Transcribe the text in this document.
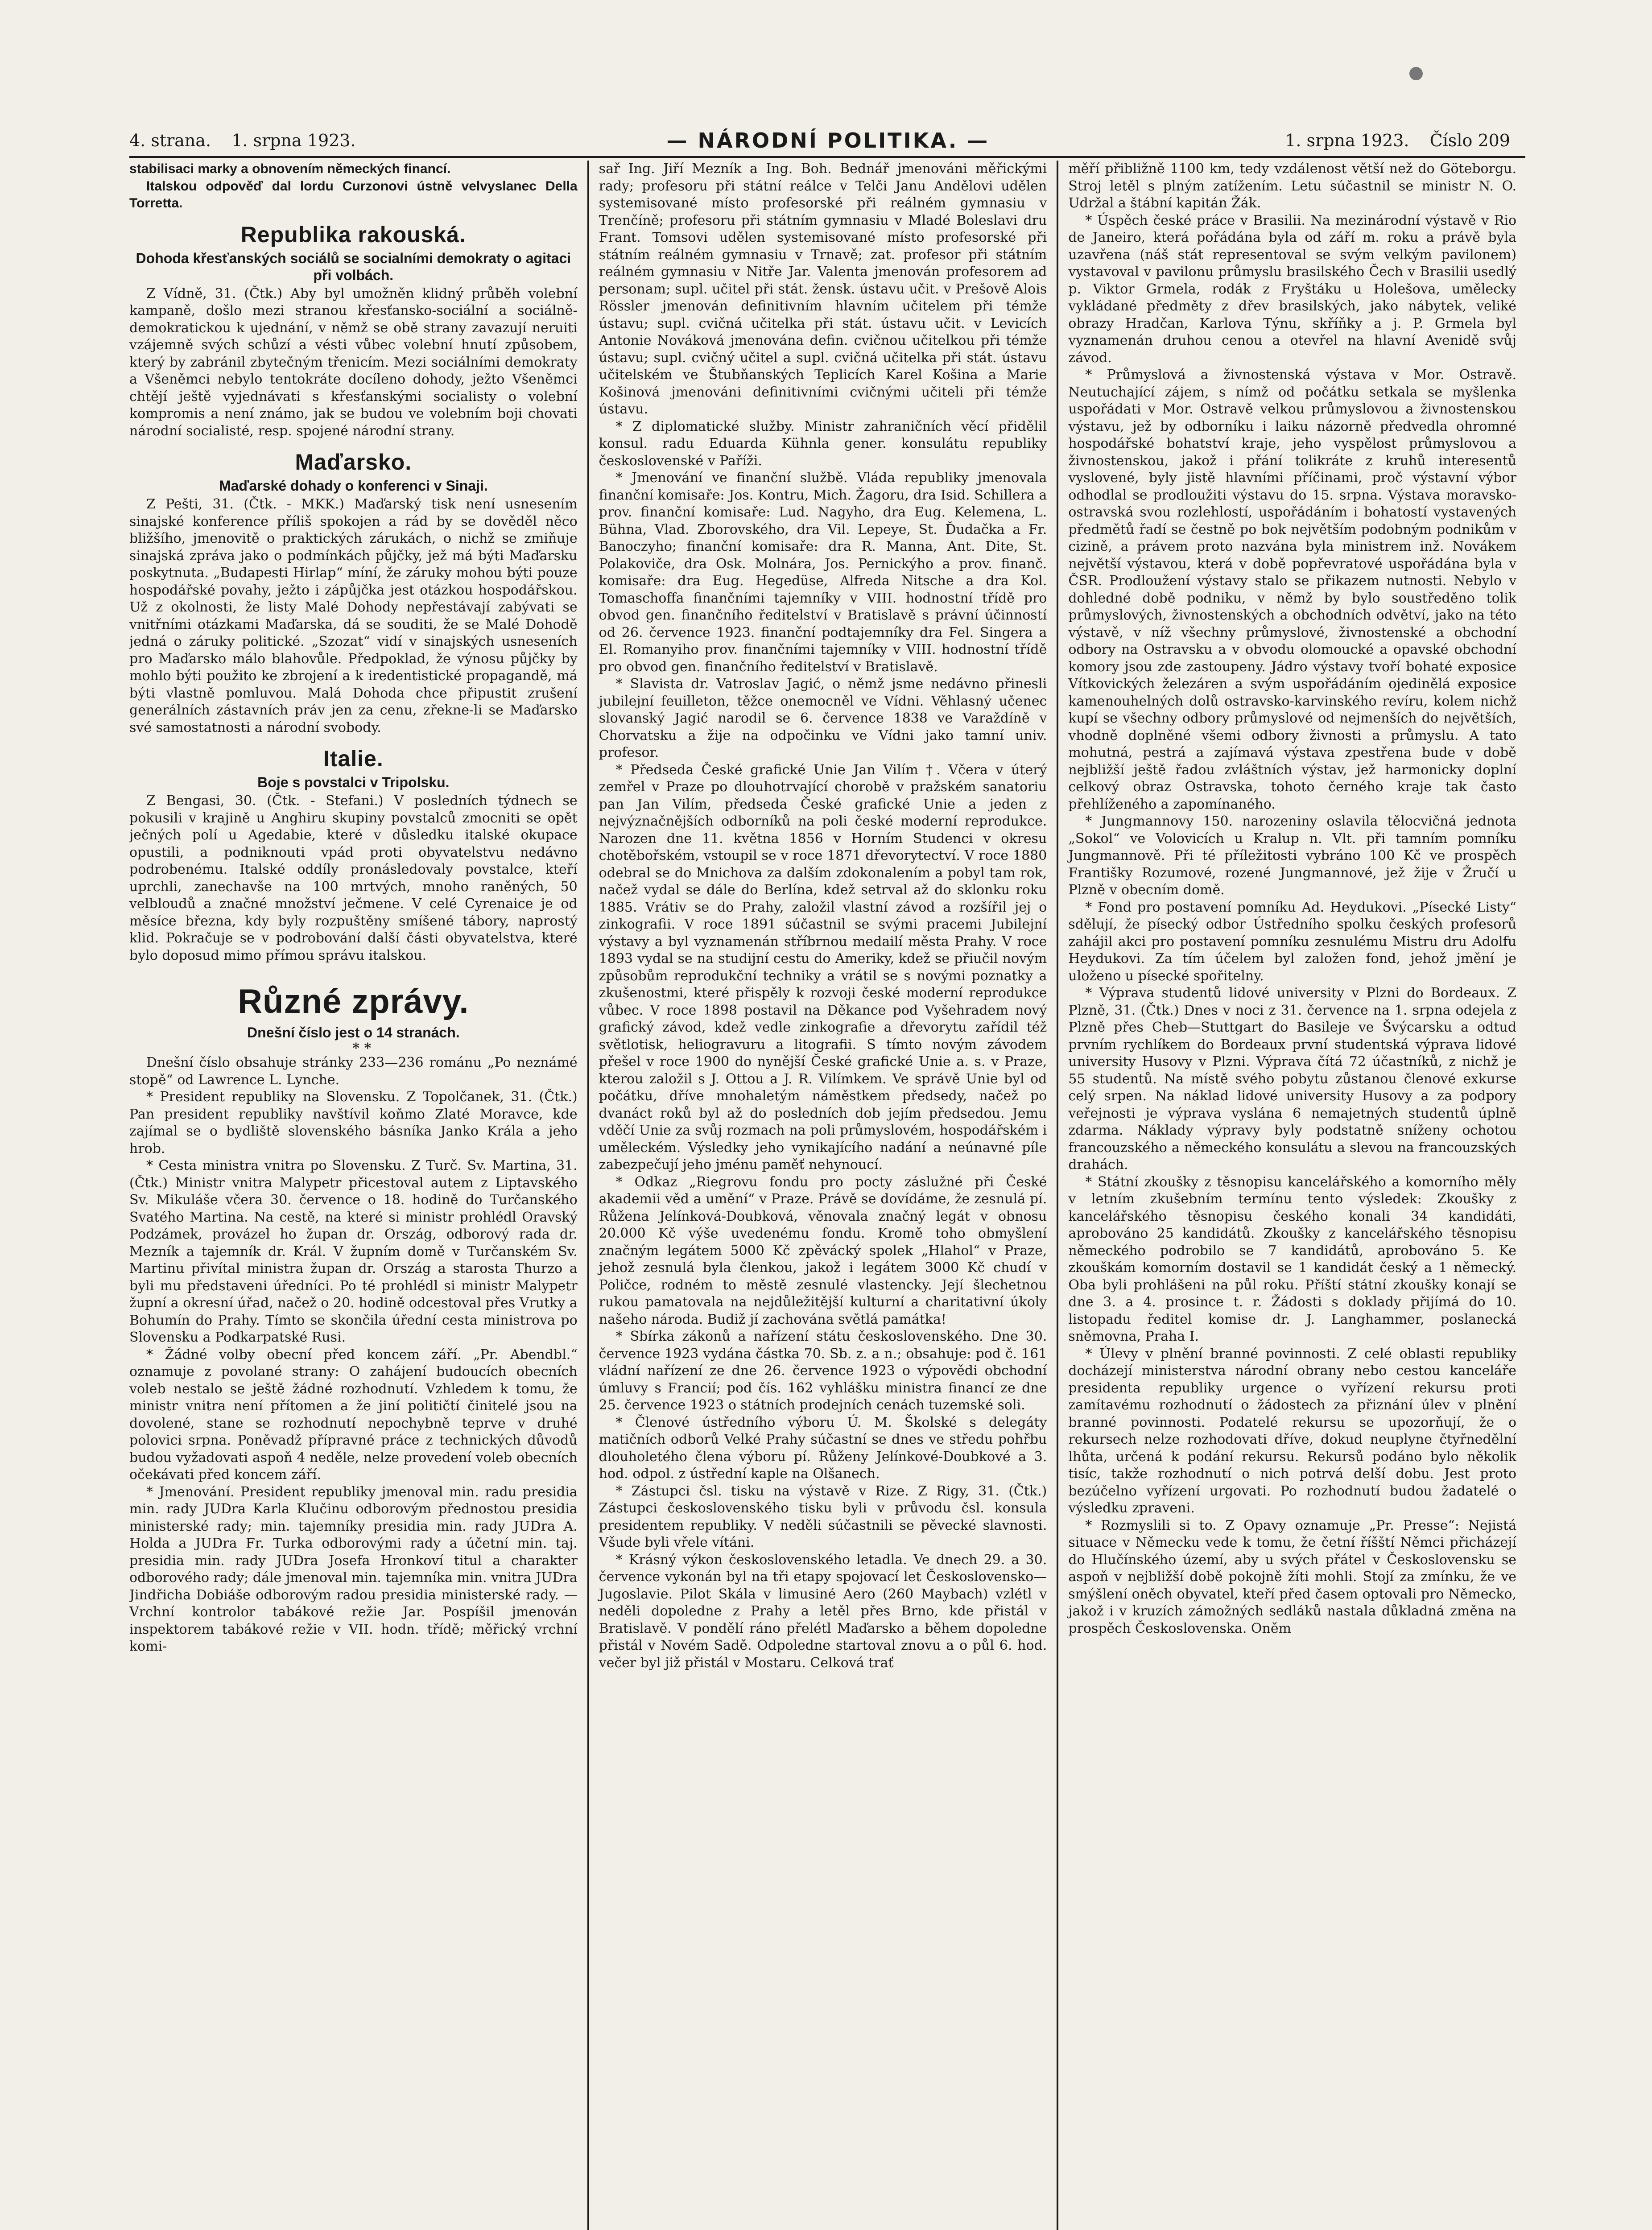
4. strana. 1. srpna 1923.	— NÁRODNÍ POLITIKA. —	1. srpna 1923. Číslo 209

stabilisaci marky a obnovením německých financí.

Italskou odpověď dal lordu Curzonovi ústně velvyslanec Della Torretta.

Republika rakouská.
Dohoda křesťanských sociálů se socialními demokraty o agitaci při volbách.

Z Vídně, 31. (Čtk.) Aby byl umožněn klidný průběh volební kampaně, došlo mezi stranou křesťansko-sociální a sociálně-demokratickou k ujednání, v němž se obě strany zavazují neruiti vzájemně svých schůzí a vésti vůbec volební hnutí způsobem, který by zabránil zbytečným třenicím. Mezi sociálními demokraty a Všeněmci nebylo tentokráte docíleno dohody, ježto Všeněmci chtějí ještě vyjednávati s křesťanskými socialisty o volební kompromis a není známo, jak se budou ve volebním boji chovati národní socialisté, resp. spojené národní strany.

Maďarsko.
Maďarské dohady o konferenci v Sinaji.

Z Pešti, 31. (Čtk. - MKK.) Maďarský tisk není usnesením sinajské konference příliš spokojen a rád by se dověděl něco bližšího, jmenovitě o praktických zárukách, o nichž se zmiňuje sinajská zpráva jako o podmínkách půjčky, jež má býti Maďarsku poskytnuta. „Budapesti Hirlap“ míní, že záruky mohou býti pouze hospodářské povahy, ježto i zápůjčka jest otázkou hospodářskou. Už z okolnosti, že listy Malé Dohody nepřestávají zabývati se vnitřními otázkami Maďarska, dá se souditi, že se Malé Dohodě jedná o záruky politické. „Szozat“ vidí v sinajských usneseních pro Maďarsko málo blahovůle. Předpoklad, že výnosu půjčky by mohlo býti použito ke zbrojení a k iredentistické propagandě, má býti vlastně pomluvou. Malá Dohoda chce připustit zrušení generálních zástavních práv jen za cenu, zřekne-li se Maďarsko své samostatnosti a národní svobody.

Italie.
Boje s povstalci v Tripolsku.

Z Bengasi, 30. (Čtk. - Stefani.) V posledních týdnech se pokusili v krajině u Anghiru skupiny povstalců zmocniti se opět ječných polí u Agedabie, které v důsledku italské okupace opustili, a podniknouti vpád proti obyvatelstvu nedávno podrobenému. Italské oddíly pronásledovaly povstalce, kteří uprchli, zanechavše na 100 mrtvých, mnoho raněných, 50 velbloudů a značné množství ječmene. V celé Cyrenaice je od měsíce března, kdy byly rozpuštěny smíšené tábory, naprostý klid. Pokračuje se v podrobování další části obyvatelstva, které bylo doposud mimo přímou správu italskou.

Různé zprávy.
Dnešní číslo jest o 14 stranách.

* *

Dnešní číslo obsahuje stránky 233—236 románu „Po neznámé stopě“ od Lawrence L. Lynche.

* President republiky na Slovensku. Z Topolčanek, 31. (Čtk.) Pan president republiky navštívil koňmo Zlaté Moravce, kde zajímal se o bydliště slovenského básníka Janko Krála a jeho hrob.

* Cesta ministra vnitra po Slovensku. Z Turč. Sv. Martina, 31. (Čtk.) Ministr vnitra Malypetr přicestoval autem z Liptavského Sv. Mikuláše včera 30. července o 18. hodině do Turčanského Svatého Martina. Na cestě, na které si ministr prohlédl Oravský Podzámek, provázel ho župan dr. Ország, odborový rada dr. Mezník a tajemník dr. Král. V župním domě v Turčanském Sv. Martinu přivítal ministra župan dr. Ország a starosta Thurzo a byli mu představeni úředníci. Po té prohlédl si ministr Malypetr župní a okresní úřad, načež o 20. hodině odcestoval přes Vrutky a Bohumín do Prahy. Tímto se skončila úřední cesta ministrova po Slovensku a Podkarpatské Rusi.

* Žádné volby obecní před koncem září. „Pr. Abendbl.“ oznamuje z povolané strany: O zahájení budoucích obecních voleb nestalo se ještě žádné rozhodnutí. Vzhledem k tomu, že ministr vnitra není přítomen a že jiní političtí činitelé jsou na dovolené, stane se rozhodnutí nepochybně teprve v druhé polovici srpna. Poněvadž přípravné práce z technických důvodů budou vyžadovati aspoň 4 neděle, nelze provedení voleb obecních očekávati před koncem září.

* Jmenování. President republiky jmenoval min. radu presidia min. rady JUDra Karla Klučinu odborovým přednostou presidia ministerské rady; min. tajemníky presidia min. rady JUDra A. Holda a JUDra Fr. Turka odborovými rady a účetní min. taj. presidia min. rady JUDra Josefa Hronkoví titul a charakter odborového rady; dále jmenoval min. tajemníka min. vnitra JUDra Jindřicha Dobiáše odborovým radou presidia ministerské rady. — Vrchní kontrolor tabákové režie Jar. Pospíšil jmenován inspektorem tabákové režie v VII. hodn. třídě; měřický vrchní komi-

sař Ing. Jiří Mezník a Ing. Boh. Bednář jmenováni měřickými rady; profesoru při státní reálce v Telči Janu Andělovi udělen systemisované místo profesorské při reálném gymnasiu v Trenčíně; profesoru při státním gymnasiu v Mladé Boleslavi dru Frant. Tomsovi udělen systemisované místo profesorské při státním reálném gymnasiu v Trnavě; zat. profesor při státním reálném gymnasiu v Nitře Jar. Valenta jmenován profesorem ad personam; supl. učitel při stát. žensk. ústavu učit. v Prešově Alois Rössler jmenován definitivním hlavním učitelem při témže ústavu; supl. cvičná učitelka při stát. ústavu učit. v Levicích Antonie Nováková jmenována defin. cvičnou učitelkou při témže ústavu; supl. cvičný učitel a supl. cvičná učitelka při stát. ústavu učitelském ve Štubňanských Teplicích Karel Košina a Marie Košinová jmenováni definitivními cvičnými učiteli při témže ústavu.

* Z diplomatické služby. Ministr zahraničních věcí přidělil konsul. radu Eduarda Kühnla gener. konsulátu republiky československé v Paříži.

* Jmenování ve finanční službě. Vláda republiky jmenovala finanční komisaře: Jos. Kontru, Mich. Žagoru, dra Isid. Schillera a prov. finanční komisaře: Lud. Nagyho, dra Eug. Kelemena, L. Bühna, Vlad. Zborovského, dra Vil. Lepeye, St. Ďudačka a Fr. Banoczyho; finanční komisaře: dra R. Manna, Ant. Dite, St. Polakoviče, dra Osk. Molnára, Jos. Pernickýho a prov. finanč. komisaře: dra Eug. Hegedüse, Alfreda Nitsche a dra Kol. Tomaschoffa finančními tajemníky v VIII. hodnostní třídě pro obvod gen. finančního ředitelství v Bratislavě s právní účinností od 26. července 1923. finanční podtajemníky dra Fel. Singera a El. Romanyiho prov. finančními tajemníky v VIII. hodnostní třídě pro obvod gen. finančního ředitelství v Bratislavě.

* Slavista dr. Vatroslav Jagić, o němž jsme nedávno přinesli jubilejní feuilleton, těžce onemocněl ve Vídni. Věhlasný učenec slovanský Jagić narodil se 6. července 1838 ve Varaždíně v Chorvatsku a žije na odpočinku ve Vídni jako tamní univ. profesor.

* Předseda České grafické Unie Jan Vilím †. Včera v úterý zemřel v Praze po dlouhotrvající chorobě v pražském sanatoriu pan Jan Vilím, předseda České grafické Unie a jeden z nejvýznačnějších odborníků na poli české moderní reprodukce. Narozen dne 11. května 1856 v Horním Studenci v okresu chotěbořském, vstoupil se v roce 1871 dřevorytectví. V roce 1880 odebral se do Mnichova za dalším zdokonalením a pobyl tam rok, načež vydal se dále do Berlína, kdež setrval až do sklonku roku 1885. Vrátiv se do Prahy, založil vlastní závod a rozšířil jej o zinkografii. V roce 1891 súčastnil se svými pracemi Jubilejní výstavy a byl vyznamenán stříbrnou medailí města Prahy. V roce 1893 vydal se na studijní cestu do Ameriky, kdež se přiučil novým způsobům reprodukční techniky a vrátil se s novými poznatky a zkušenostmi, které přispěly k rozvoji české moderní reprodukce vůbec. V roce 1898 postavil na Děkance pod Vyšehradem nový grafický závod, kdež vedle zinkografie a dřevorytu zařídil též světlotisk, heliogravuru a litografii. S tímto novým závodem přešel v roce 1900 do nynější České grafické Unie a. s. v Praze, kterou založil s J. Ottou a J. R. Vilímkem. Ve správě Unie byl od počátku, dříve mnohaletým náměstkem předsedy, načež po dvanáct roků byl až do posledních dob jejím předsedou. Jemu vděčí Unie za svůj rozmach na poli průmyslovém, hospodářském i uměleckém. Výsledky jeho vynikajícího nadání a neúnavné píle zabezpečují jeho jménu paměť nehynoucí.

* Odkaz „Riegrovu fondu pro pocty záslužné při České akademii věd a umění“ v Praze. Právě se dovídáme, že zesnulá pí. Růžena Jelínková-Doubková, věnovala značný legát v obnosu 20.000 Kč výše uvedenému fondu. Kromě toho obmyšlení značným legátem 5000 Kč zpěvácký spolek „Hlahol“ v Praze, jehož zesnulá byla členkou, jakož i legátem 3000 Kč chudí v Poličce, rodném to městě zesnulé vlastencky. Její šlechetnou rukou pamatovala na nejdůležitější kulturní a charitativní úkoly našeho národa. Budiž jí zachována světlá památka!

* Sbírka zákonů a nařízení státu československého. Dne 30. července 1923 vydána částka 70. Sb. z. a n.; obsahuje: pod č. 161 vládní nařízení ze dne 26. července 1923 o výpovědi obchodní úmluvy s Francií; pod čís. 162 vyhlášku ministra financí ze dne 25. července 1923 o státních prodejních cenách tuzemské soli.

* Členové ústředního výboru Ú. M. Školské s delegáty matičních odborů Velké Prahy súčastní se dnes ve středu pohřbu dlouholetého člena výboru pí. Růženy Jelínkové-Doubkové a 3. hod. odpol. z ústřední kaple na Olšanech.

* Zástupci čsl. tisku na výstavě v Rize. Z Rigy, 31. (Čtk.) Zástupci československého tisku byli v průvodu čsl. konsula presidentem republiky. V neděli súčastnili se pěvecké slavnosti. Všude byli vřele vítáni.

* Krásný výkon československého letadla. Ve dnech 29. a 30. července vykonán byl na tři etapy spojovací let Československo—Jugoslavie. Pilot Skála v limusiné Aero (260 Maybach) vzlétl v neděli dopoledne z Prahy a letěl přes Brno, kde přistál v Bratislavě. V pondělí ráno přelétl Maďarsko a během dopoledne přistál v Novém Sadě. Odpoledne startoval znovu a o půl 6. hod. večer byl již přistál v Mostaru. Celková trať

měří přibližně 1100 km, tedy vzdálenost větší než do Göteborgu. Stroj letěl s plným zatížením. Letu súčastnil se ministr N. O. Udržal a štábní kapitán Žák.

* Úspěch české práce v Brasilii. Na mezinárodní výstavě v Rio de Janeiro, která pořádána byla od září m. roku a právě byla uzavřena (náš stát representoval se svým velkým pavilonem) vystavoval v pavilonu průmyslu brasilského Čech v Brasilii usedlý p. Viktor Grmela, rodák z Fryštáku u Holešova, umělecky vykládané předměty z dřev brasilských, jako nábytek, veliké obrazy Hradčan, Karlova Týnu, skříňky a j. P. Grmela byl vyznamenán druhou cenou a otevřel na hlavní Avenidě svůj závod.

* Průmyslová a živnostenská výstava v Mor. Ostravě. Neutuchající zájem, s nímž od počátku setkala se myšlenka uspořádati v Mor. Ostravě velkou průmyslovou a živnostenskou výstavu, jež by odborníku i laiku názorně předvedla ohromné hospodářské bohatství kraje, jeho vyspělost průmyslovou a živnostenskou, jakož i přání tolikráte z kruhů interesentů vyslovené, byly jistě hlavními příčinami, proč výstavní výbor odhodlal se prodloužiti výstavu do 15. srpna. Výstava moravsko-ostravská svou rozlehlostí, uspořádáním i bohatostí vystavených předmětů řadí se čestně po bok největším podobným podnikům v cizině, a právem proto nazvána byla ministrem inž. Novákem největší výstavou, která v době popřevratové uspořádána byla v ČSR. Prodloužení výstavy stalo se přikazem nutnosti. Nebylo v dohledné době podniku, v němž by bylo soustředěno tolik průmyslových, živnostenských a obchodních odvětví, jako na této výstavě, v níž všechny průmyslové, živnostenské a obchodní odbory na Ostravsku a v obvodu olomoucké a opavské obchodní komory jsou zde zastoupeny. Jádro výstavy tvoří bohaté exposice Vítkovických železáren a svým uspořádáním ojedinělá exposice kamenouhelných dolů ostravsko-karvinského revíru, kolem nichž kupí se všechny odbory průmyslové od nejmenších do největších, vhodně doplněné všemi odbory živnosti a průmyslu. A tato mohutná, pestrá a zajímavá výstava zpestřena bude v době nejbližší ještě řadou zvláštních výstav, jež harmonicky doplní celkový obraz Ostravska, tohoto černého kraje tak často přehlíženého a zapomínaného.

* Jungmannovy 150. narozeniny oslavila tělocvičná jednota „Sokol“ ve Volovicích u Kralup n. Vlt. při tamním pomníku Jungmannově. Při té příležitosti vybráno 100 Kč ve prospěch Františky Rozumové, rozené Jungmannové, jež žije v Žručí u Plzně v obecním domě.

* Fond pro postavení pomníku Ad. Heydukovi. „Písecké Listy“ sdělují, že písecký odbor Ústředního spolku českých profesorů zahájil akci pro postavení pomníku zesnulému Mistru dru Adolfu Heydukovi. Za tím účelem byl založen fond, jehož jmění je uloženo u písecké spořitelny.

* Výprava studentů lidové university v Plzni do Bordeaux. Z Plzně, 31. (Čtk.) Dnes v noci z 31. července na 1. srpna odejela z Plzně přes Cheb—Stuttgart do Basileje ve Švýcarsku a odtud prvním rychlíkem do Bordeaux první studentská výprava lidové university Husovy v Plzni. Výprava čítá 72 účastníků, z nichž je 55 studentů. Na místě svého pobytu zůstanou členové exkurse celý srpen. Na náklad lidové university Husovy a za podpory veřejnosti je výprava vyslána 6 nemajetných studentů úplně zdarma. Náklady výpravy byly podstatně sníženy ochotou francouzského a německého konsulátu a slevou na francouzských drahách.

* Státní zkoušky z těsnopisu kancelářského a komorního měly v letním zkušebním termínu tento výsledek: Zkoušky z kancelářského těsnopisu českého konali 34 kandidáti, aprobováno 25 kandidátů. Zkoušky z kancelářského těsnopisu německého podrobilo se 7 kandidátů, aprobováno 5. Ke zkouškám komorním dostavil se 1 kandidát český a 1 německý. Oba byli prohlášeni na půl roku. Příští státní zkoušky konají se dne 3. a 4. prosince t. r. Žádosti s doklady přijímá do 10. listopadu ředitel komise dr. J. Langhammer, poslanecká sněmovna, Praha I.

* Úlevy v plnění branné povinnosti. Z celé oblasti republiky docházejí ministerstva národní obrany nebo cestou kanceláře presidenta republiky urgence o vyřízení rekursu proti zamítavému rozhodnutí o žádostech za přiznání úlev v plnění branné povinnosti. Podatelé rekursu se upozorňují, že o rekursech nelze rozhodovati dříve, dokud neuplyne čtyřnedělní lhůta, určená k podání rekursu. Rekursů podáno bylo několik tisíc, takže rozhodnutí o nich potrvá delší dobu. Jest proto bezúčelno vyřízení urgovati. Po rozhodnutí budou žadatelé o výsledku zpraveni.

* Rozmyslili si to. Z Opavy oznamuje „Pr. Presse“: Nejistá situace v Německu vede k tomu, že četní říšští Němci přicházejí do Hlučínského území, aby u svých přátel v Československu se aspoň v nejbližší době pokojně žíti mohli. Stojí za zmínku, že ve smýšlení oněch obyvatel, kteří před časem optovali pro Německo, jakož i v kruzích zámožných sedláků nastala důkladná změna na prospěch Československa. Oněm
